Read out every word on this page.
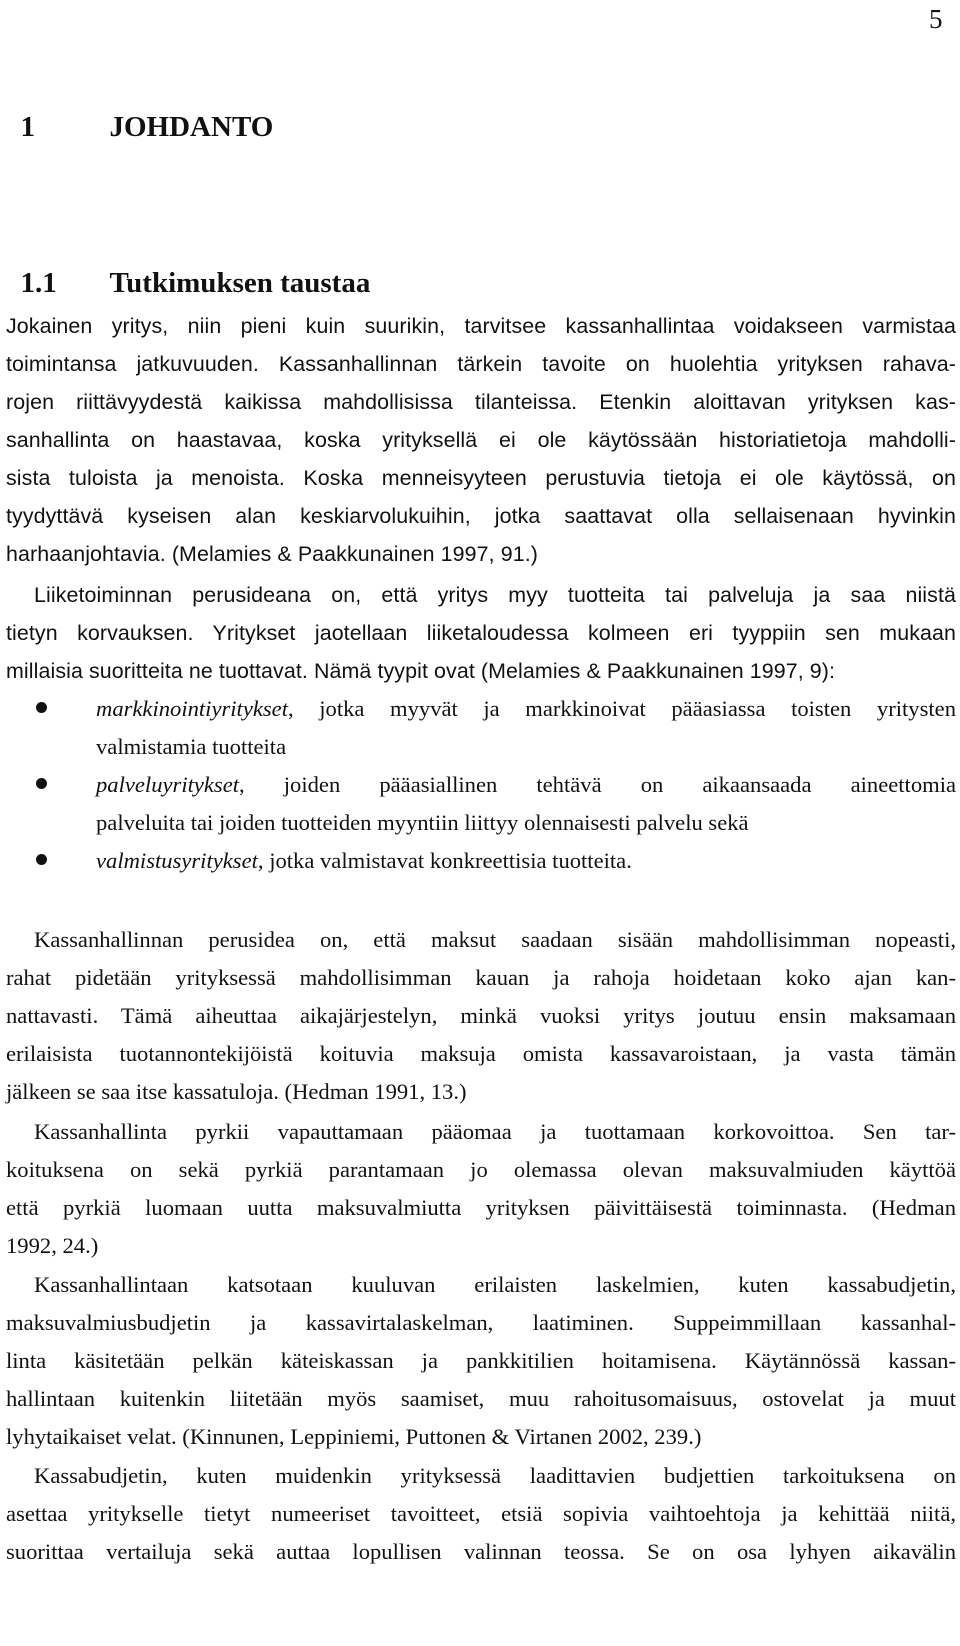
5

1	JOHDANTO

1.1 Tutkimuksen taustaa

Jokainen yritys, niin pieni kuin suurikin, tarvitsee kassanhallintaa voidakseen varmistaa
toimintansa jatkuvuuden. Kassanhallinnan tärkein tavoite on huolehtia yrityksen rahava-
rojen riittävyydestä kaikissa mahdollisissa tilanteissa. Etenkin aloittavan yrityksen kas-
sanhallinta on haastavaa, koska yrityksellä ei ole käytössään historiatietoja mahdolli-
sista tuloista ja menoista. Koska menneisyyteen perustuvia tietoja ei ole käytössä, on
tyydyttävä kyseisen alan keskiarvolukuihin, jotka saattavat olla sellaisenaan hyvinkin
harhaanjohtavia. (Melamies & Paakkunainen 1997, 91.)
Liiketoiminnan perusideana on, että yritys myy tuotteita tai palveluja ja saa niistä
tietyn korvauksen. Yritykset jaotellaan liiketaloudessa kolmeen eri tyyppiin sen mukaan
millaisia suoritteita ne tuottavat. Nämä tyypit ovat (Melamies & Paakkunainen 1997, 9):
markkinointiyritykset, jotka myyvät ja markkinoivat pääasiassa toisten yritysten
valmistamia tuotteita
palveluyritykset, joiden pääasiallinen tehtävä on aikaansaada aineettomia
palveluita tai joiden tuotteiden myyntiin liittyy olennaisesti palvelu sekä
valmistusyritykset, jotka valmistavat konkreettisia tuotteita.
Kassanhallinnan perusidea on, että maksut saadaan sisään mahdollisimman nopeasti,
rahat pidetään yrityksessä mahdollisimman kauan ja rahoja hoidetaan koko ajan kan-
nattavasti. Tämä aiheuttaa aikajärjestelyn, minkä vuoksi yritys joutuu ensin maksamaan
erilaisista tuotannontekijöistä koituvia maksuja omista kassavaroistaan, ja vasta tämän
jälkeen se saa itse kassatuloja. (Hedman 1991, 13.)
Kassanhallinta pyrkii vapauttamaan pääomaa ja tuottamaan korkovoittoa. Sen tar-
koituksena on sekä pyrkiä parantamaan jo olemassa olevan maksuvalmiuden käyttöä
että pyrkiä luomaan uutta maksuvalmiutta yrityksen päivittäisestä toiminnasta. (Hedman
1992, 24.)
Kassanhallintaan katsotaan kuuluvan erilaisten laskelmien, kuten kassabudjetin,
maksuvalmiusbudjetin ja kassavirtalaskelman, laatiminen. Suppeimmillaan kassanhal-
linta käsitetään pelkän käteiskassan ja pankkitilien hoitamisena. Käytännössä kassan-
hallintaan kuitenkin liitetään myös saamiset, muu rahoitusomaisuus, ostovelat ja muut
lyhytaikaiset velat. (Kinnunen, Leppiniemi, Puttonen & Virtanen 2002, 239.)
Kassabudjetin, kuten muidenkin yrityksessä laadittavien budjettien tarkoituksena on
asettaa yritykselle tietyt numeeriset tavoitteet, etsiä sopivia vaihtoehtoja ja kehittää niitä,
suorittaa vertailuja sekä auttaa lopullisen valinnan teossa. Se on osa lyhyen aikavälin
